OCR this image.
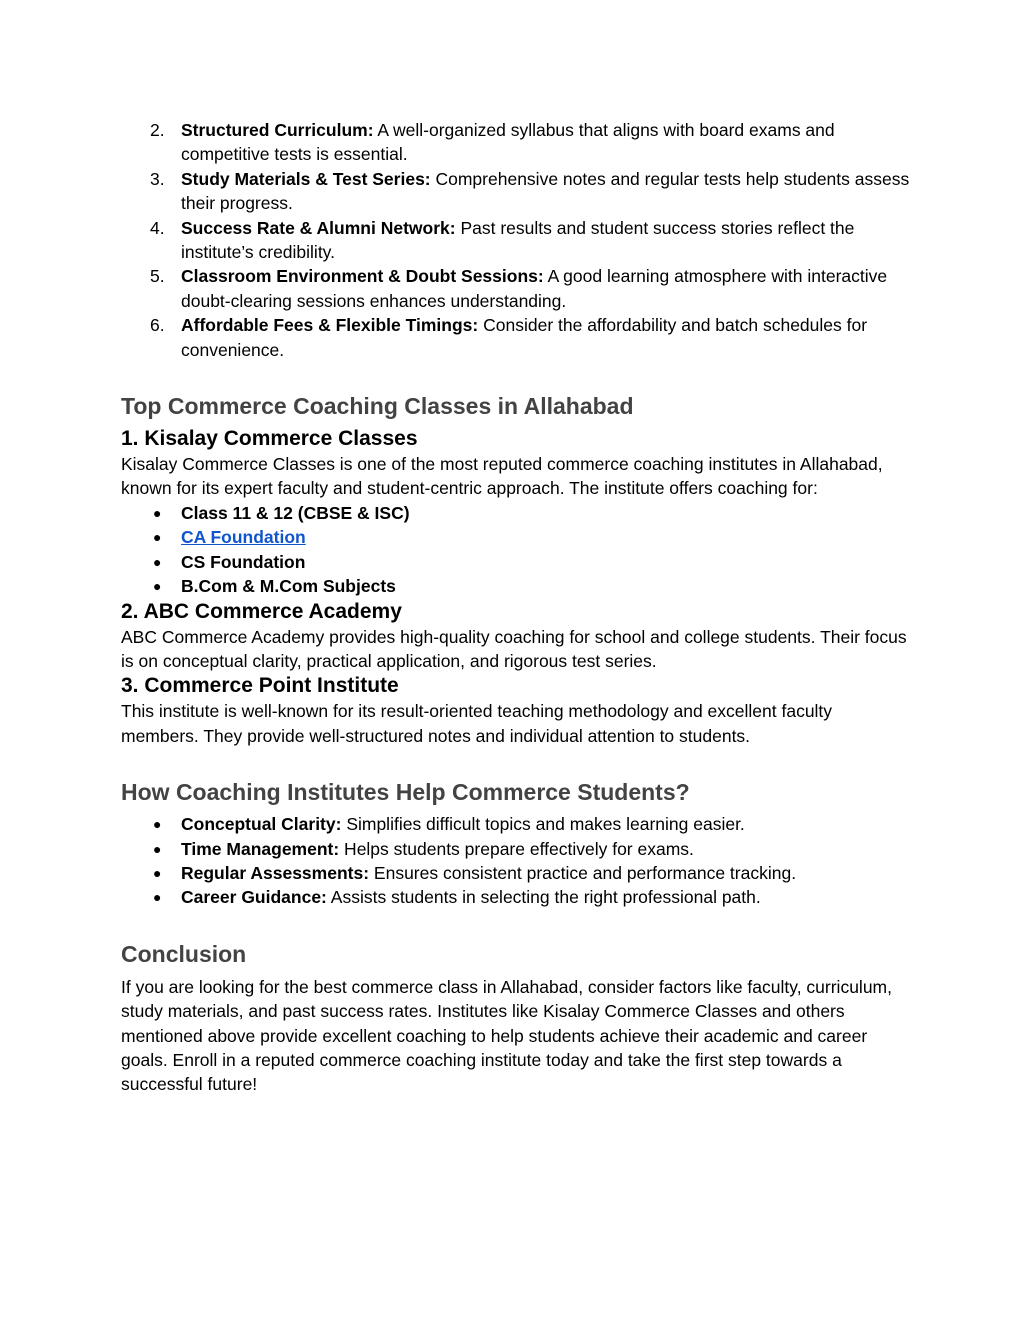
2. Structured Curriculum: A well-organized syllabus that aligns with board exams and competitive tests is essential.
3. Study Materials & Test Series: Comprehensive notes and regular tests help students assess their progress.
4. Success Rate & Alumni Network: Past results and student success stories reflect the institute’s credibility.
5. Classroom Environment & Doubt Sessions: A good learning atmosphere with interactive doubt-clearing sessions enhances understanding.
6. Affordable Fees & Flexible Timings: Consider the affordability and batch schedules for convenience.
Top Commerce Coaching Classes in Allahabad
1. Kisalay Commerce Classes

Kisalay Commerce Classes is one of the most reputed commerce coaching institutes in Allahabad, known for its expert faculty and student-centric approach. The institute offers coaching for:

● Class 11 & 12 (CBSE & ISC)
● CA Foundation
● CS Foundation
● B.Com & M.Com Subjects
2. ABC Commerce Academy

ABC Commerce Academy provides high-quality coaching for school and college students. Their focus is on conceptual clarity, practical application, and rigorous test series.

3. Commerce Point Institute

This institute is well-known for its result-oriented teaching methodology and excellent faculty members. They provide well-structured notes and individual attention to students.

How Coaching Institutes Help Commerce Students?
● Conceptual Clarity: Simplifies difficult topics and makes learning easier.
● Time Management: Helps students prepare effectively for exams.
● Regular Assessments: Ensures consistent practice and performance tracking.
● Career Guidance: Assists students in selecting the right professional path.
Conclusion

If you are looking for the best commerce class in Allahabad, consider factors like faculty, curriculum, study materials, and past success rates. Institutes like Kisalay Commerce Classes and others mentioned above provide excellent coaching to help students achieve their academic and career goals. Enroll in a reputed commerce coaching institute today and take the first step towards a successful future!
